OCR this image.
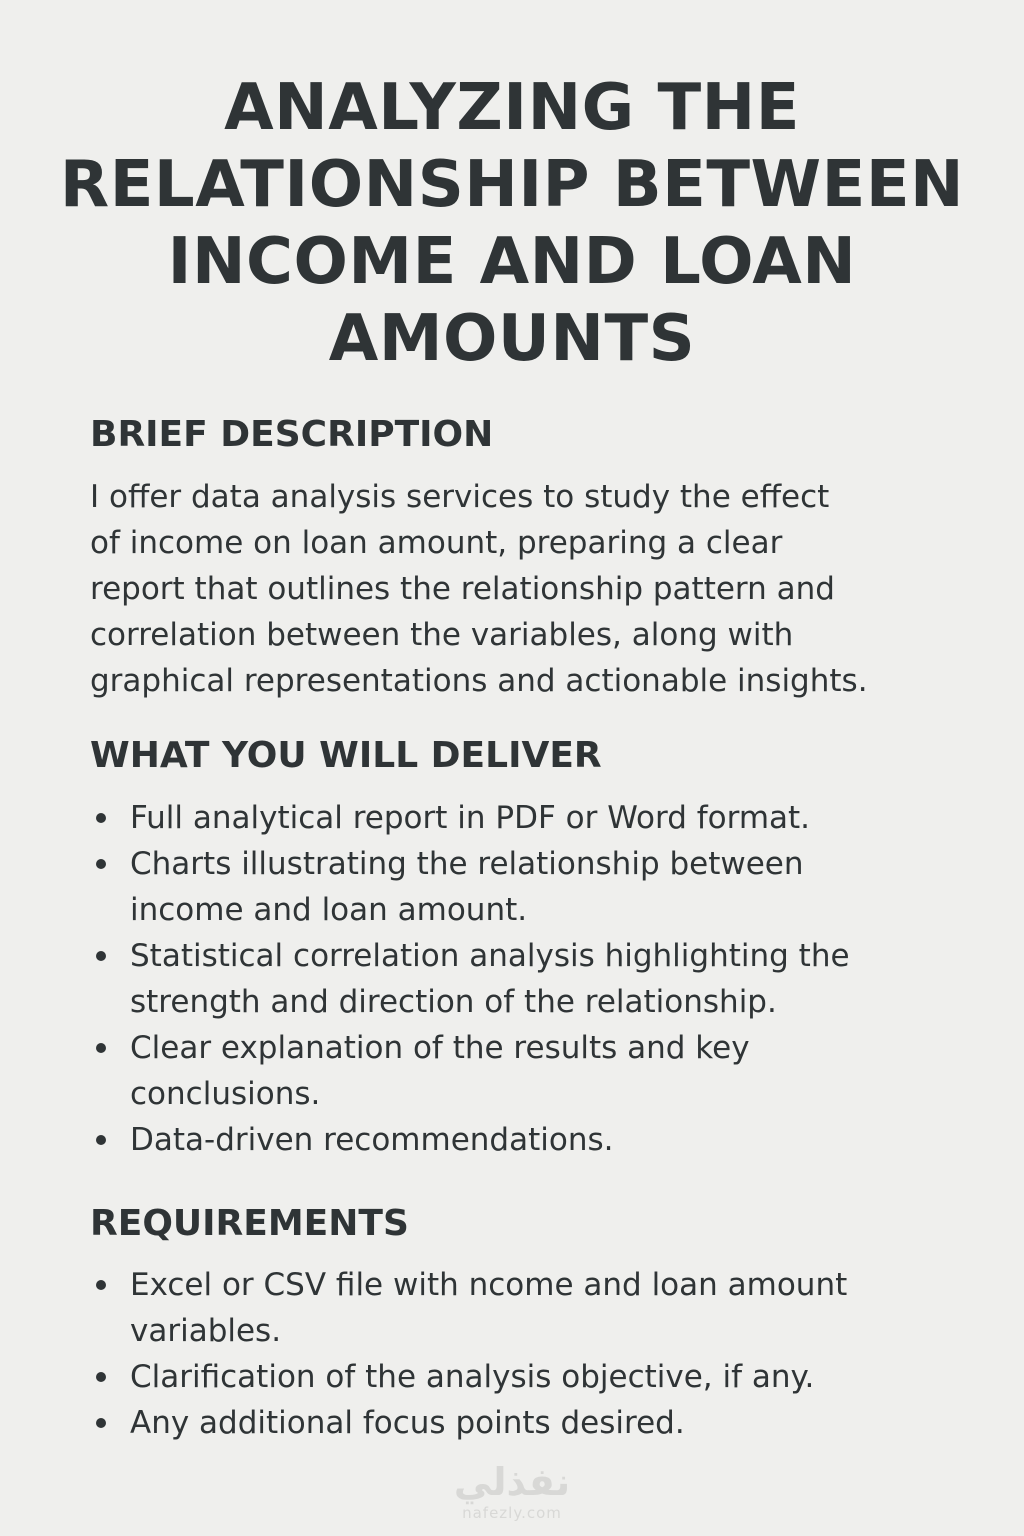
ANALYZING THE
RELATIONSHIP BETWEEN
INCOME AND LOAN
AMOUNTS
BRIEF DESCRIPTION

I offer data analysis services to study the effect
of income on loan amount, preparing a clear
report that outlines the relationship pattern and
correlation between the variables, along with
graphical representations and actionable insights.

WHAT YOU WILL DELIVER
Full analytical report in PDF or Word format.
Charts illustrating the relationship between
income and loan amount.
Statistical correlation analysis highlighting the
strength and direction of the relationship.
Clear explanation of the results and key
conclusions.
Data-driven recommendations.
REQUIREMENTS
Excel or CSV file with ncome and loan amount
variables.
Clarification of the analysis objective, if any.
Any additional focus points desired.
نفذلي
nafezly.com
